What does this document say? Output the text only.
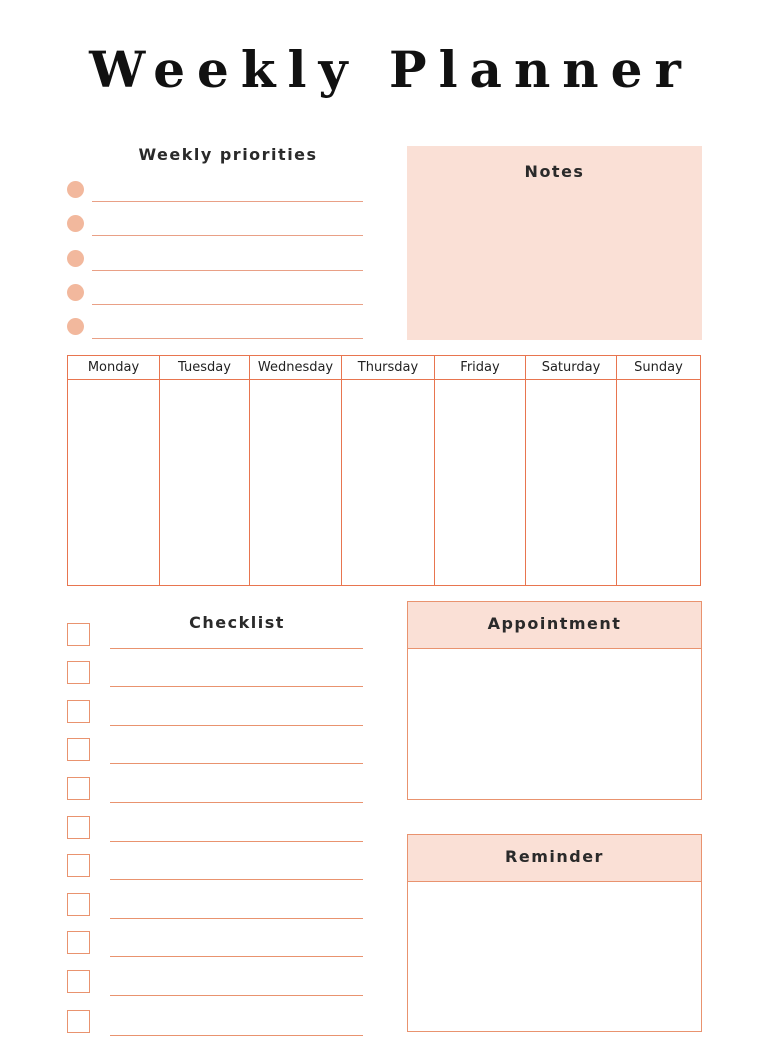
Weekly Planner
Weekly priorities
Notes
Monday	Tuesday	Wednesday	Thursday	Friday	Saturday	Sunday
Checklist	Appointment
Reminder
